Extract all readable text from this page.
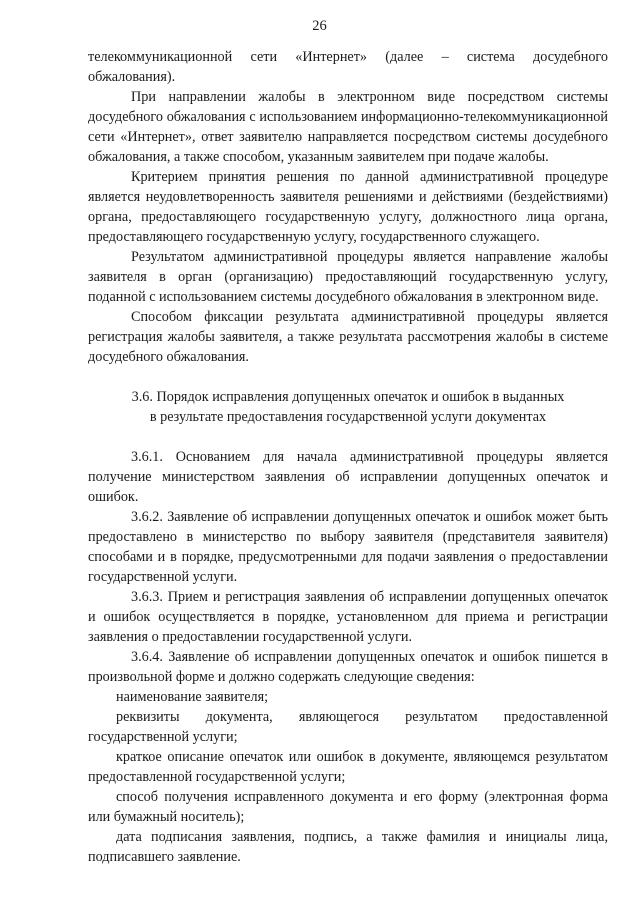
26

телекоммуникационной сети «Интернет» (далее – система досудебного обжалования).

При направлении жалобы в электронном виде посредством системы досудебного обжалования с использованием информационно-телекоммуникационной сети «Интернет», ответ заявителю направляется посредством системы досудебного обжалования, а также способом, указанным заявителем при подаче жалобы.

Критерием принятия решения по данной административной процедуре является неудовлетворенность заявителя решениями и действиями (бездействиями) органа, предоставляющего государственную услугу, должностного лица органа, предоставляющего государственную услугу, государственного служащего.

Результатом административной процедуры является направление жалобы заявителя в орган (организацию) предоставляющий государственную услугу, поданной с использованием системы досудебного обжалования в электронном виде.

Способом фиксации результата административной процедуры является регистрация жалобы заявителя, а также результата рассмотрения жалобы в системе досудебного обжалования.

3.6. Порядок исправления допущенных опечаток и ошибок в выданных в результате предоставления государственной услуги документах

3.6.1. Основанием для начала административной процедуры является получение министерством заявления об исправлении допущенных опечаток и ошибок.

3.6.2. Заявление об исправлении допущенных опечаток и ошибок может быть предоставлено в министерство по выбору заявителя (представителя заявителя) способами и в порядке, предусмотренными для подачи заявления о предоставлении государственной услуги.

3.6.3. Прием и регистрация заявления об исправлении допущенных опечаток и ошибок осуществляется в порядке, установленном для приема и регистрации заявления о предоставлении государственной услуги.

3.6.4. Заявление об исправлении допущенных опечаток и ошибок пишется в произвольной форме и должно содержать следующие сведения:

наименование заявителя;

реквизиты документа, являющегося результатом предоставленной государственной услуги;

краткое описание опечаток или ошибок в документе, являющемся результатом предоставленной государственной услуги;

способ получения исправленного документа и его форму (электронная форма или бумажный носитель);

дата подписания заявления, подпись, а также фамилия и инициалы лица, подписавшего заявление.
